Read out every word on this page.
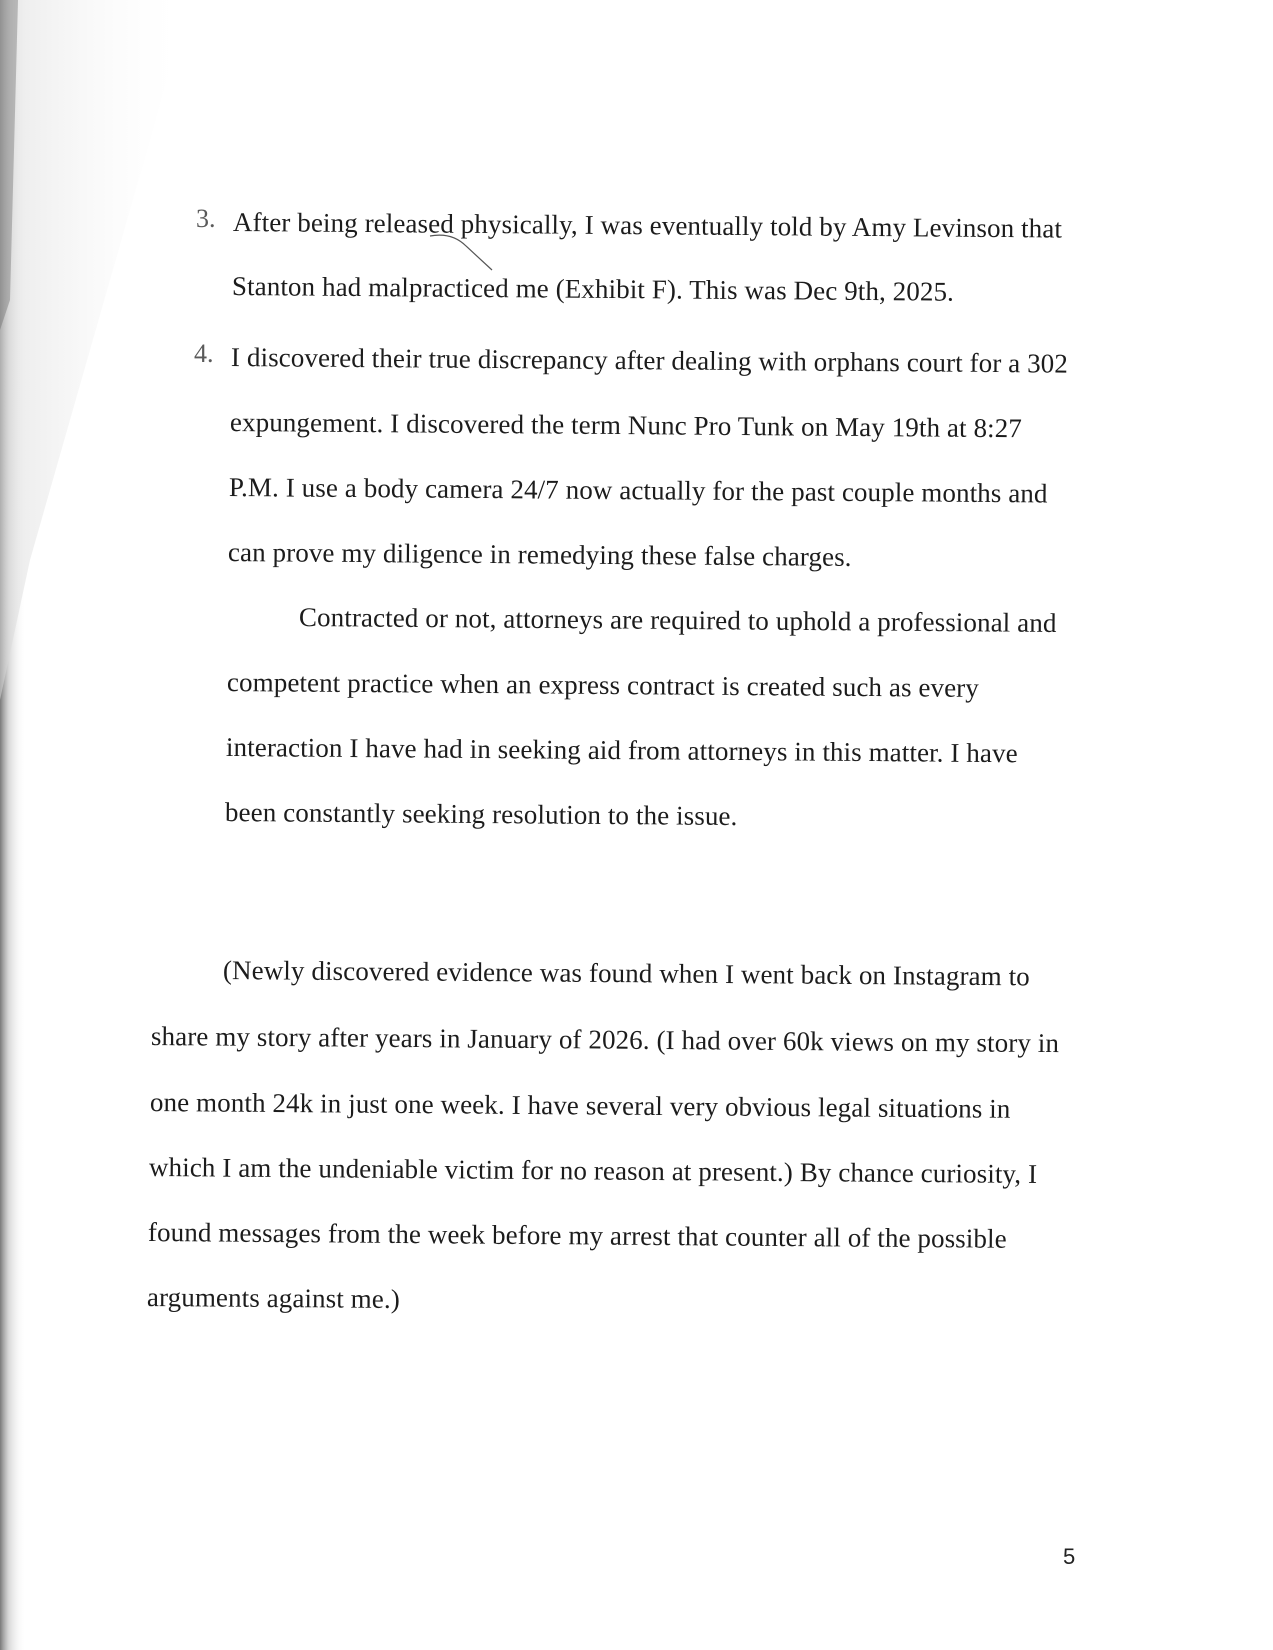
3. After being released physically, I was eventually told by Amy Levinson that
Stanton had malpracticed me (Exhibit F). This was Dec 9th, 2025.
4. I discovered their true discrepancy after dealing with orphans court for a 302
expungement. I discovered the term Nunc Pro Tunk on May 19th at 8:27
P.M. I use a body camera 24/7 now actually for the past couple months and
can prove my diligence in remedying these false charges.
Contracted or not, attorneys are required to uphold a professional and
competent practice when an express contract is created such as every
interaction I have had in seeking aid from attorneys in this matter. I have
been constantly seeking resolution to the issue.
(Newly discovered evidence was found when I went back on Instagram to
share my story after years in January of 2026. (I had over 60k views on my story in
one month 24k in just one week. I have several very obvious legal situations in
which I am the undeniable victim for no reason at present.) By chance curiosity, I
found messages from the week before my arrest that counter all of the possible
arguments against me.)
5
